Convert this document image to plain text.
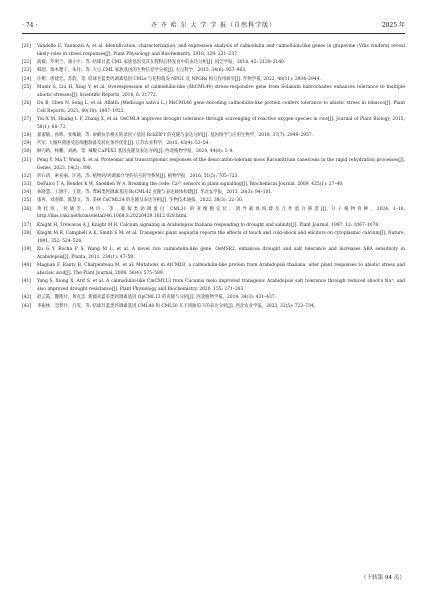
· 74 ·	齐 齐 哈 尔 大 学 学 报（自然科学版）	2025 年
[21] Vandelle E, Vannozzi A, et al. Identification, characterization, and expression analysis of calmodulin and calmodulin-like genes in grapevine (Vitis vinifera) reveal likely roles in stress responses[J]. Plant Physiology and Biochemistry, 2018, 129: 221–237.
[22] 商毅、罗明兰、康小平、等. 结球甘蓝 CML 家族基因及其在授粉后胚发育中的表达分析[J]. 园艺学报，2018, 45: 2129–2140.
[23] 韩超、瑞木楚子、朱丹、等. 大豆 CML 家族基因的生物信息学分析[J]. 大豆科学，2015, 34(6): 957–963.
[24] 许彬、唐建宏、苏韵、等. 结球甘蓝类钙调素基因 CMLs 与花粉萌发 NPG1 及 NPGRs 相互作用研究[J]. 作物学报, 2022, 48(11): 2934–2944.
[25] Munir S, Liu H, Xing Y, et al. Overexpression of calmodulin-like (ShCML44) stress-responsive gene from Solanum habrochaites enhances tolerance to multiple abiotic stresses[J]. Scientific Reports, 2016, 6: 31772.
[26] Du B, Chen N, Song L, et al. Alfalfa (Medicago sativa L.) MsCML46 gene encoding calmodulin-like protein confers tolerance to abiotic stress in tobacco[J]. Plant Cell Reports, 2021, 40(10): 1907–1922.
[27] Yin X M, Huang L F, Zhang X, et al. OsCML4 improves drought tolerance through scavenging of reactive oxygen species in rice[J]. Journal of Plant Biology, 2015, 58(1): 68–73.
[28] 翟淑敏、孙辉、张梅颖、等. 矽藓抗旱相关转录因子基因 RcbZIP1 的克隆与表达分析[J]. 基因组学与应用生物学，2018, 37(7): 2949–2957.
[29] 代军. 大肠杆菌感受态细胞制备及转化条件优化[J]. 江苏农业科学，2015, 43(4): 53–54.
[30] 顾巧路、杨鹏、刘涵、等. 辣椒 CaPEX3 基因克隆及表达分析[J]. 西北植物学报，2024, 44(8): 1–9.
[31] Peng Y, Ma T, Wang X, et al. Proteomic and transcriptomic responses of the desiccation-tolerant moss Racomitrium canescens in the rapid rehydration processes[J]. Genes, 2023, 14(2): 390.
[32] 彭石清、索亚丽、汪茜、等. 植物钙/钙调素介导的信号转导系统[J]. 植物学报，2016, 51(5): 705–723.
[33] DeFalco T A, Bender K W, Snedden W A. Breaking the code: Ca²⁺ sensors in plant signalling[J]. Biochemical Journal, 2009, 425(1): 27–40.
[34] 孙晓慧、王晓宇、王晨、等. 鸢麻类钙调素基因 RcCML42 克隆与表达载体构建[J]. 华北农学报，2013, 28(3): 94–101.
[35] 康冉、刘春晖、陈慧文、等. 茶树 CsCML24 的克隆及表达分析[J]. 生物技术通报，2022, 38(3): 22–30.
[36] 黄桂珍、何晓芳、林玲、等. 葡萄类钙调蛋白 CML31 的亚细胞定位、诱导载体构建及互作蛋白筛选[J]. 分子植物育种，2024, 1–16. http://kns.cnki.net/kcms/detail/46.1068.S.20220429.1612.028.html.
[37] Knight H, Trewavas A J, Knight M R. Calcium signaling in Arabidopsis thaliana responding to drought and salinity[J]. Plant Journal, 1997, 12: 1067–1078.
[38] Knight M R, Campbell A K, Smith S M, et al. Transgenic plant aequorin reports the effects of touch and cold-shock and elicitors on cytoplasmic calcium[J]. Nature, 1991, 352: 524–526.
[39] Xu G Y, Rocha P S, Wang M L, et al. A novel rice calmodulin-like gene, OsMSR2, enhances drought and salt tolerance and increases ABA sensitivity in Arabidopsis[J]. Planta, 2011, 234(1): 47–59.
[40] Magnan F, Ranty B, Charpenteau M, et al. Mutations in AtCML9, a calmodulin-like protein from Arabidopsis thaliana, alter plant responses to abiotic stress and abscisic acid[J]. The Plant Journal, 2008, 56(4): 575–589.
[41] Yang S, Xiong X, Arif S, et al. A calmodulin-like CmCML13 from Cucumis melo improved transgenic Arabidopsis salt tolerance through reduced shoot's Na⁺, and also improved drought resistance[J]. Plant Physiology and Biochemistry, 2020, 155: 271–283.
[42] 赵云霞、魏艳玲、黄克忠. 新疆禾蓝草类钙调素基因 OpCML13 的克隆与分析[J]. 西北植物学报，2014, 34(3): 431–437.
[43] 李振林、忽梦玲、吕雯、等. 结球甘蓝类钙调素基因 CML48 和 CML50 在不同胁迫下的表达分析[J]. 西北农业学报，2023, 32(5): 723–734.
（下转第 94 页）
